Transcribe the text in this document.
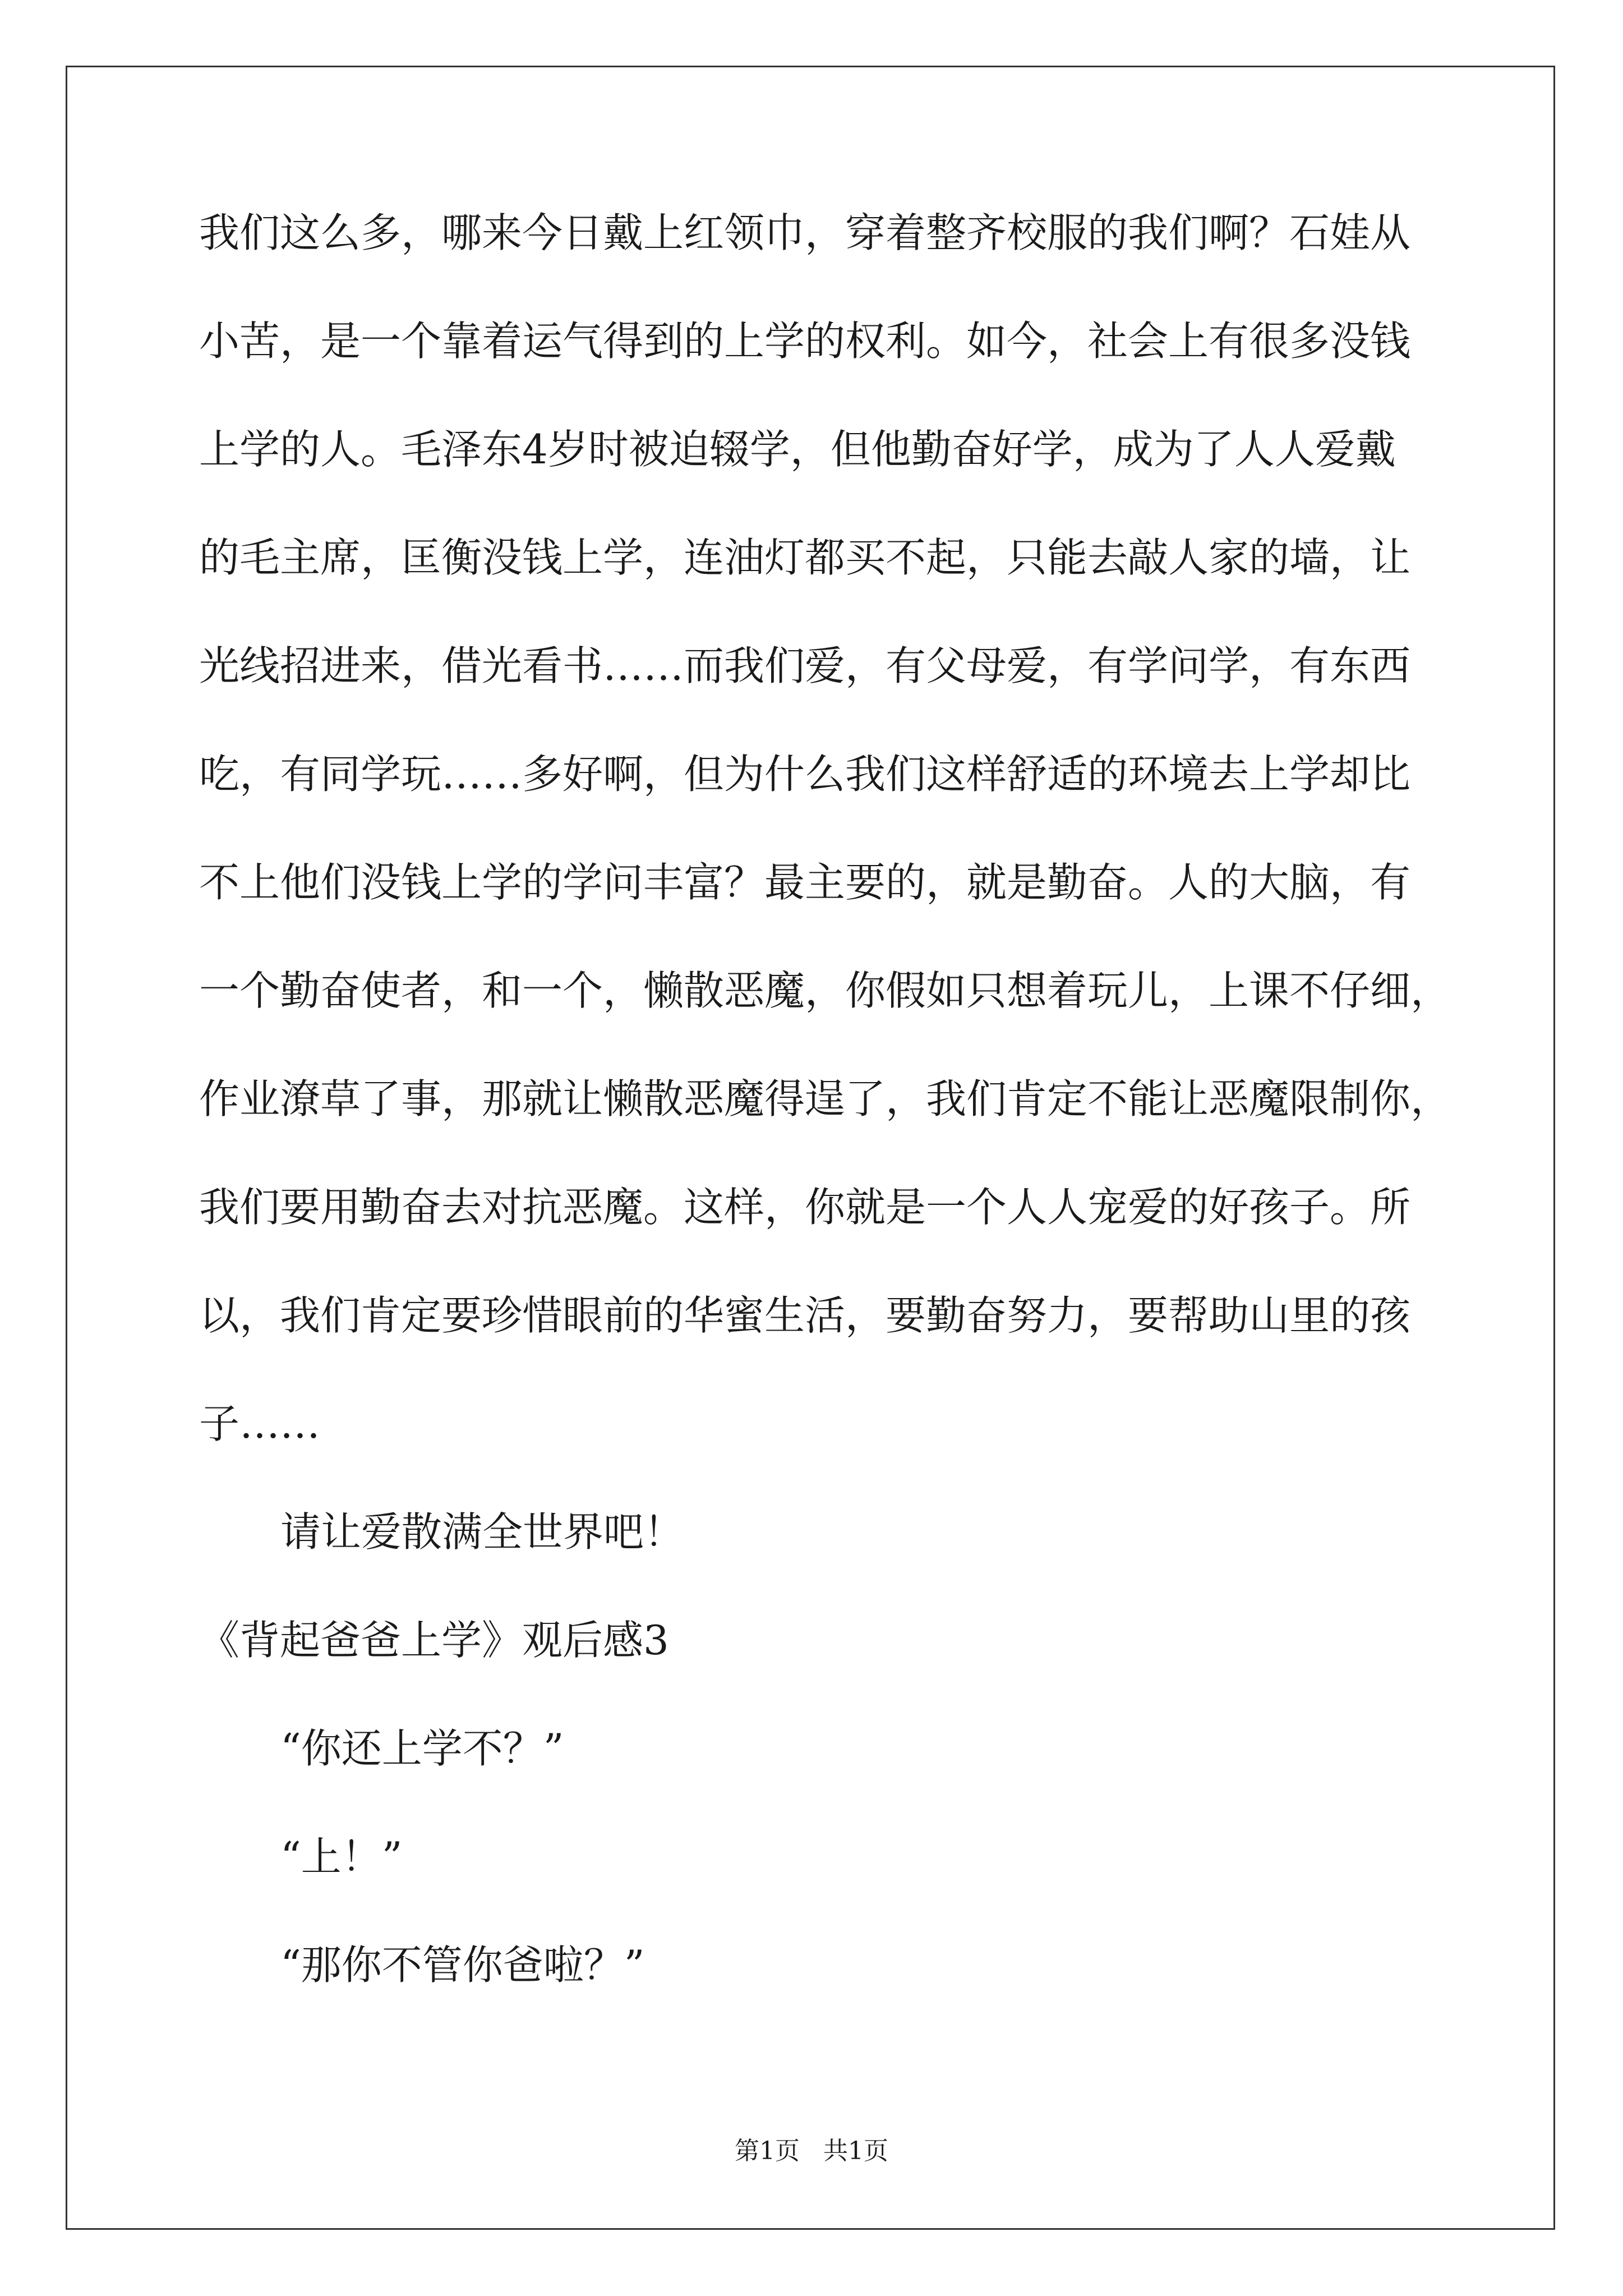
我们这么多，哪来今日戴上红领巾，穿着整齐校服的我们啊？石娃从
小苦，是一个靠着运气得到的上学的权利。如今，社会上有很多没钱
上学的人。毛泽东4岁时被迫辍学，但他勤奋好学，成为了人人爱戴
的毛主席，匡衡没钱上学，连油灯都买不起，只能去敲人家的墙，让
光线招进来，借光看书……而我们爱，有父母爱，有学问学，有东西
吃，有同学玩……多好啊，但为什么我们这样舒适的环境去上学却比
不上他们没钱上学的学问丰富？最主要的，就是勤奋。人的大脑，有
一个勤奋使者，和一个，懒散恶魔，你假如只想着玩儿，上课不仔细，
作业潦草了事，那就让懒散恶魔得逞了，我们肯定不能让恶魔限制你，
我们要用勤奋去对抗恶魔。这样，你就是一个人人宠爱的好孩子。所
以，我们肯定要珍惜眼前的华蜜生活，要勤奋努力，要帮助山里的孩
子……
请让爱散满全世界吧！
《背起爸爸上学》观后感3
“你还上学不？”
“上！”
“那你不管你爸啦？”
第1页   共1页
